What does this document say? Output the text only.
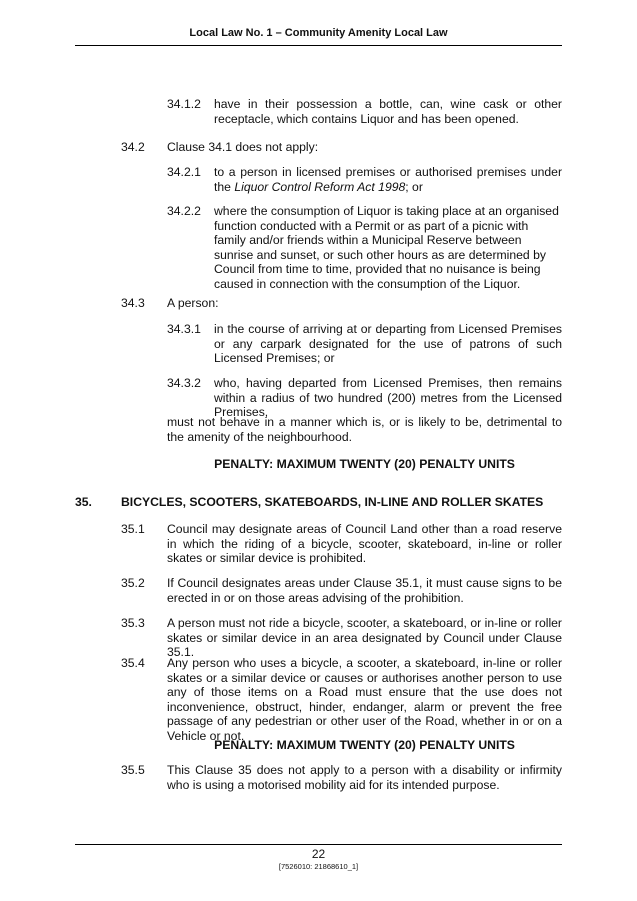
Local Law No. 1 – Community Amenity Local Law
34.1.2 have in their possession a bottle, can, wine cask or other receptacle, which contains Liquor and has been opened.
34.2 Clause 34.1 does not apply:
34.2.1 to a person in licensed premises or authorised premises under the Liquor Control Reform Act 1998; or
34.2.2 where the consumption of Liquor is taking place at an organised function conducted with a Permit or as part of a picnic with family and/or friends within a Municipal Reserve between sunrise and sunset, or such other hours as are determined by Council from time to time, provided that no nuisance is being caused in connection with the consumption of the Liquor.
34.3 A person:
34.3.1 in the course of arriving at or departing from Licensed Premises or any carpark designated for the use of patrons of such Licensed Premises; or
34.3.2 who, having departed from Licensed Premises, then remains within a radius of two hundred (200) metres from the Licensed Premises,
must not behave in a manner which is, or is likely to be, detrimental to the amenity of the neighbourhood.
PENALTY: MAXIMUM TWENTY (20) PENALTY UNITS
35. BICYCLES, SCOOTERS, SKATEBOARDS, IN-LINE AND ROLLER SKATES
35.1 Council may designate areas of Council Land other than a road reserve in which the riding of a bicycle, scooter, skateboard, in-line or roller skates or similar device is prohibited.
35.2 If Council designates areas under Clause 35.1, it must cause signs to be erected in or on those areas advising of the prohibition.
35.3 A person must not ride a bicycle, scooter, a skateboard, or in-line or roller skates or similar device in an area designated by Council under Clause 35.1.
35.4 Any person who uses a bicycle, a scooter, a skateboard, in-line or roller skates or a similar device or causes or authorises another person to use any of those items on a Road must ensure that the use does not inconvenience, obstruct, hinder, endanger, alarm or prevent the free passage of any pedestrian or other user of the Road, whether in or on a Vehicle or not.
PENALTY: MAXIMUM TWENTY (20) PENALTY UNITS
35.5 This Clause 35 does not apply to a person with a disability or infirmity who is using a motorised mobility aid for its intended purpose.
22
[7526010: 21868610_1]
